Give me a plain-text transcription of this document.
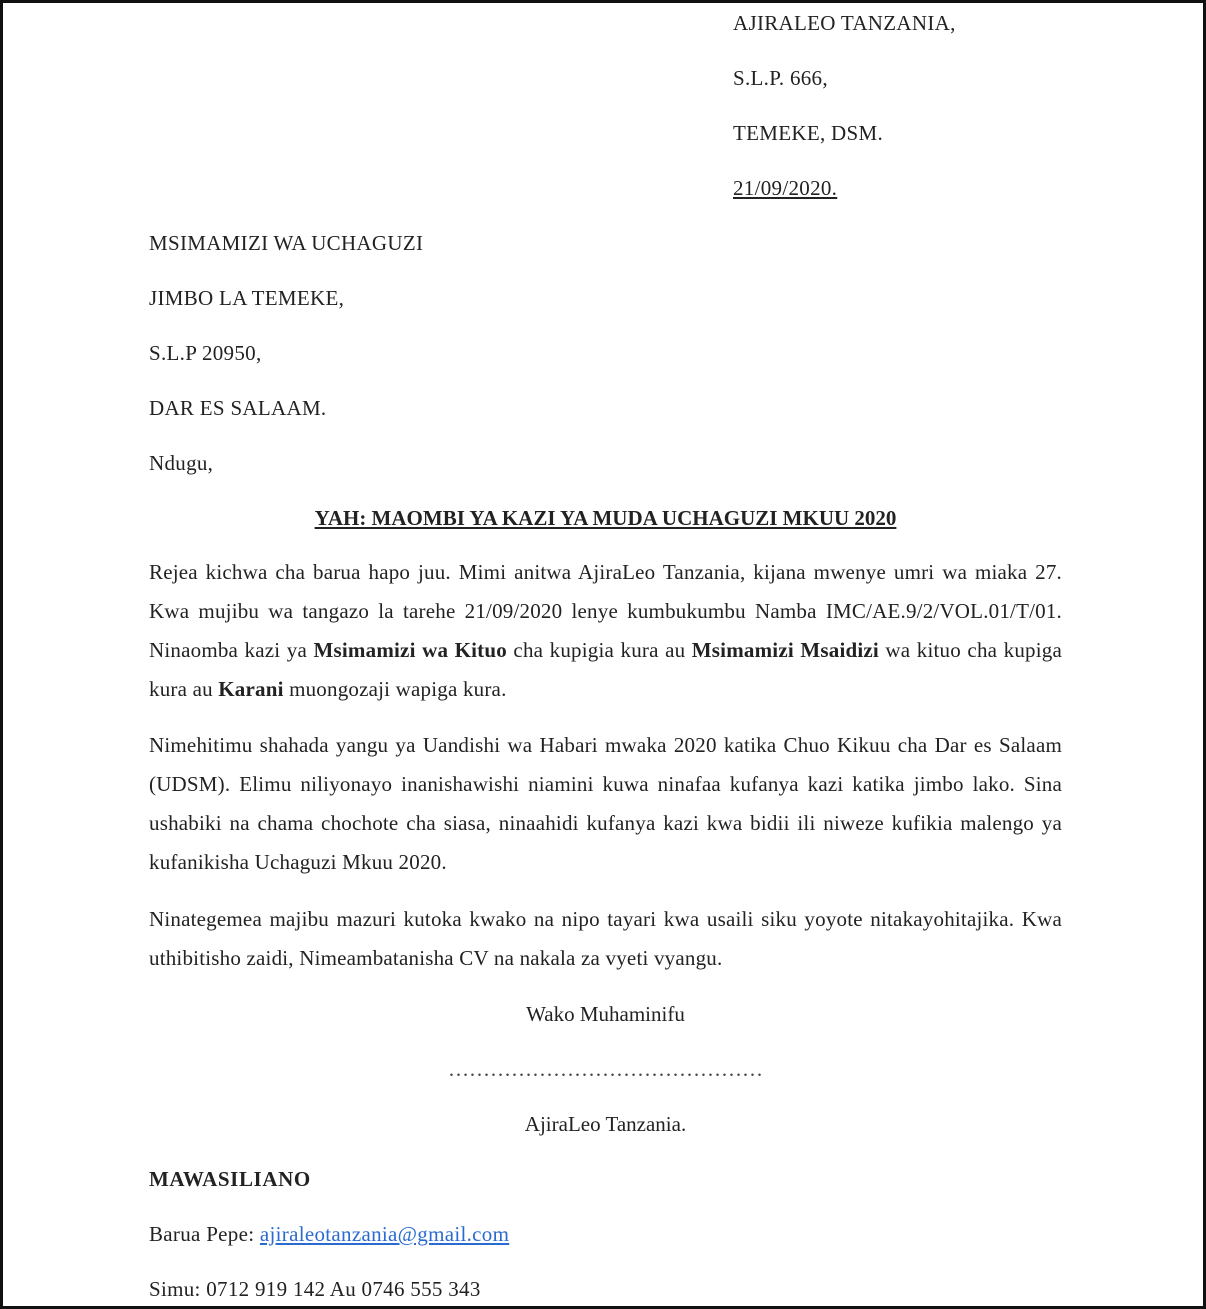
AJIRALEO TANZANIA,
S.L.P. 666,
TEMEKE, DSM.
21/09/2020.
MSIMAMIZI WA UCHAGUZI
JIMBO LA TEMEKE,
S.L.P 20950,
DAR ES SALAAM.
Ndugu,
YAH: MAOMBI YA KAZI YA MUDA UCHAGUZI MKUU 2020

Rejea kichwa cha barua hapo juu. Mimi anitwa AjiraLeo Tanzania, kijana mwenye umri wa miaka 27. Kwa mujibu wa tangazo la tarehe 21/09/2020 lenye kumbukumbu Namba IMC/AE.9/2/VOL.01/T/01. Ninaomba kazi ya Msimamizi wa Kituo cha kupigia kura au Msimamizi Msaidizi wa kituo cha kupiga kura au Karani muongozaji wapiga kura.

Nimehitimu shahada yangu ya Uandishi wa Habari mwaka 2020 katika Chuo Kikuu cha Dar es Salaam (UDSM). Elimu niliyonayo inanishawishi niamini kuwa ninafaa kufanya kazi katika jimbo lako. Sina ushabiki na chama chochote cha siasa, ninaahidi kufanya kazi kwa bidii ili niweze kufikia malengo ya kufanikisha Uchaguzi Mkuu 2020.

Ninategemea majibu mazuri kutoka kwako na nipo tayari kwa usaili siku yoyote nitakayohitajika. Kwa uthibitisho zaidi, Nimeambatanisha CV na nakala za vyeti vyangu.

Wako Muhaminifu
………………………………………
AjiraLeo Tanzania.
MAWASILIANO
Barua Pepe: ajiraleotanzania@gmail.com
Simu: 0712 919 142 Au 0746 555 343
